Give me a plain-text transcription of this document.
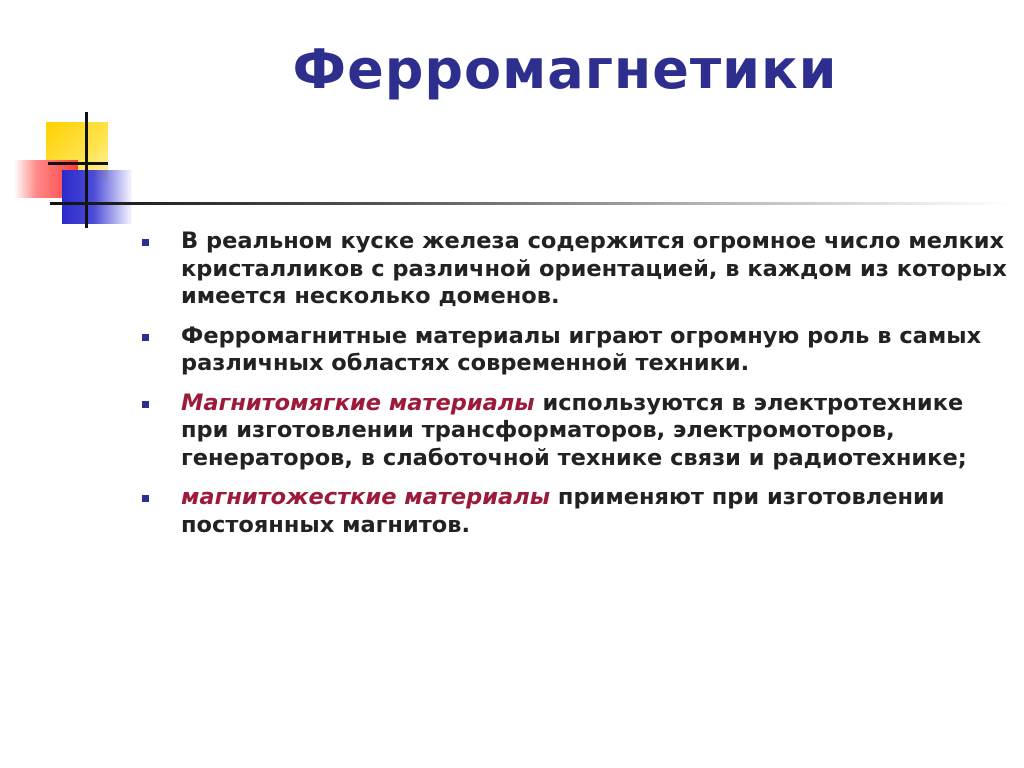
Ферромагнетики
В реальном куске железа содержится огромное число мелких кристалликов с различной ориентацией, в каждом из которых имеется несколько доменов.
Ферромагнитные материалы играют огромную роль в самых различных областях современной техники.
Магнитомягкие материалы используются в электротехнике при изготовлении трансформаторов, электромоторов, генераторов, в слаботочной технике связи и радиотехнике;
магнитожесткие материалы применяют при изготовлении постоянных магнитов.
